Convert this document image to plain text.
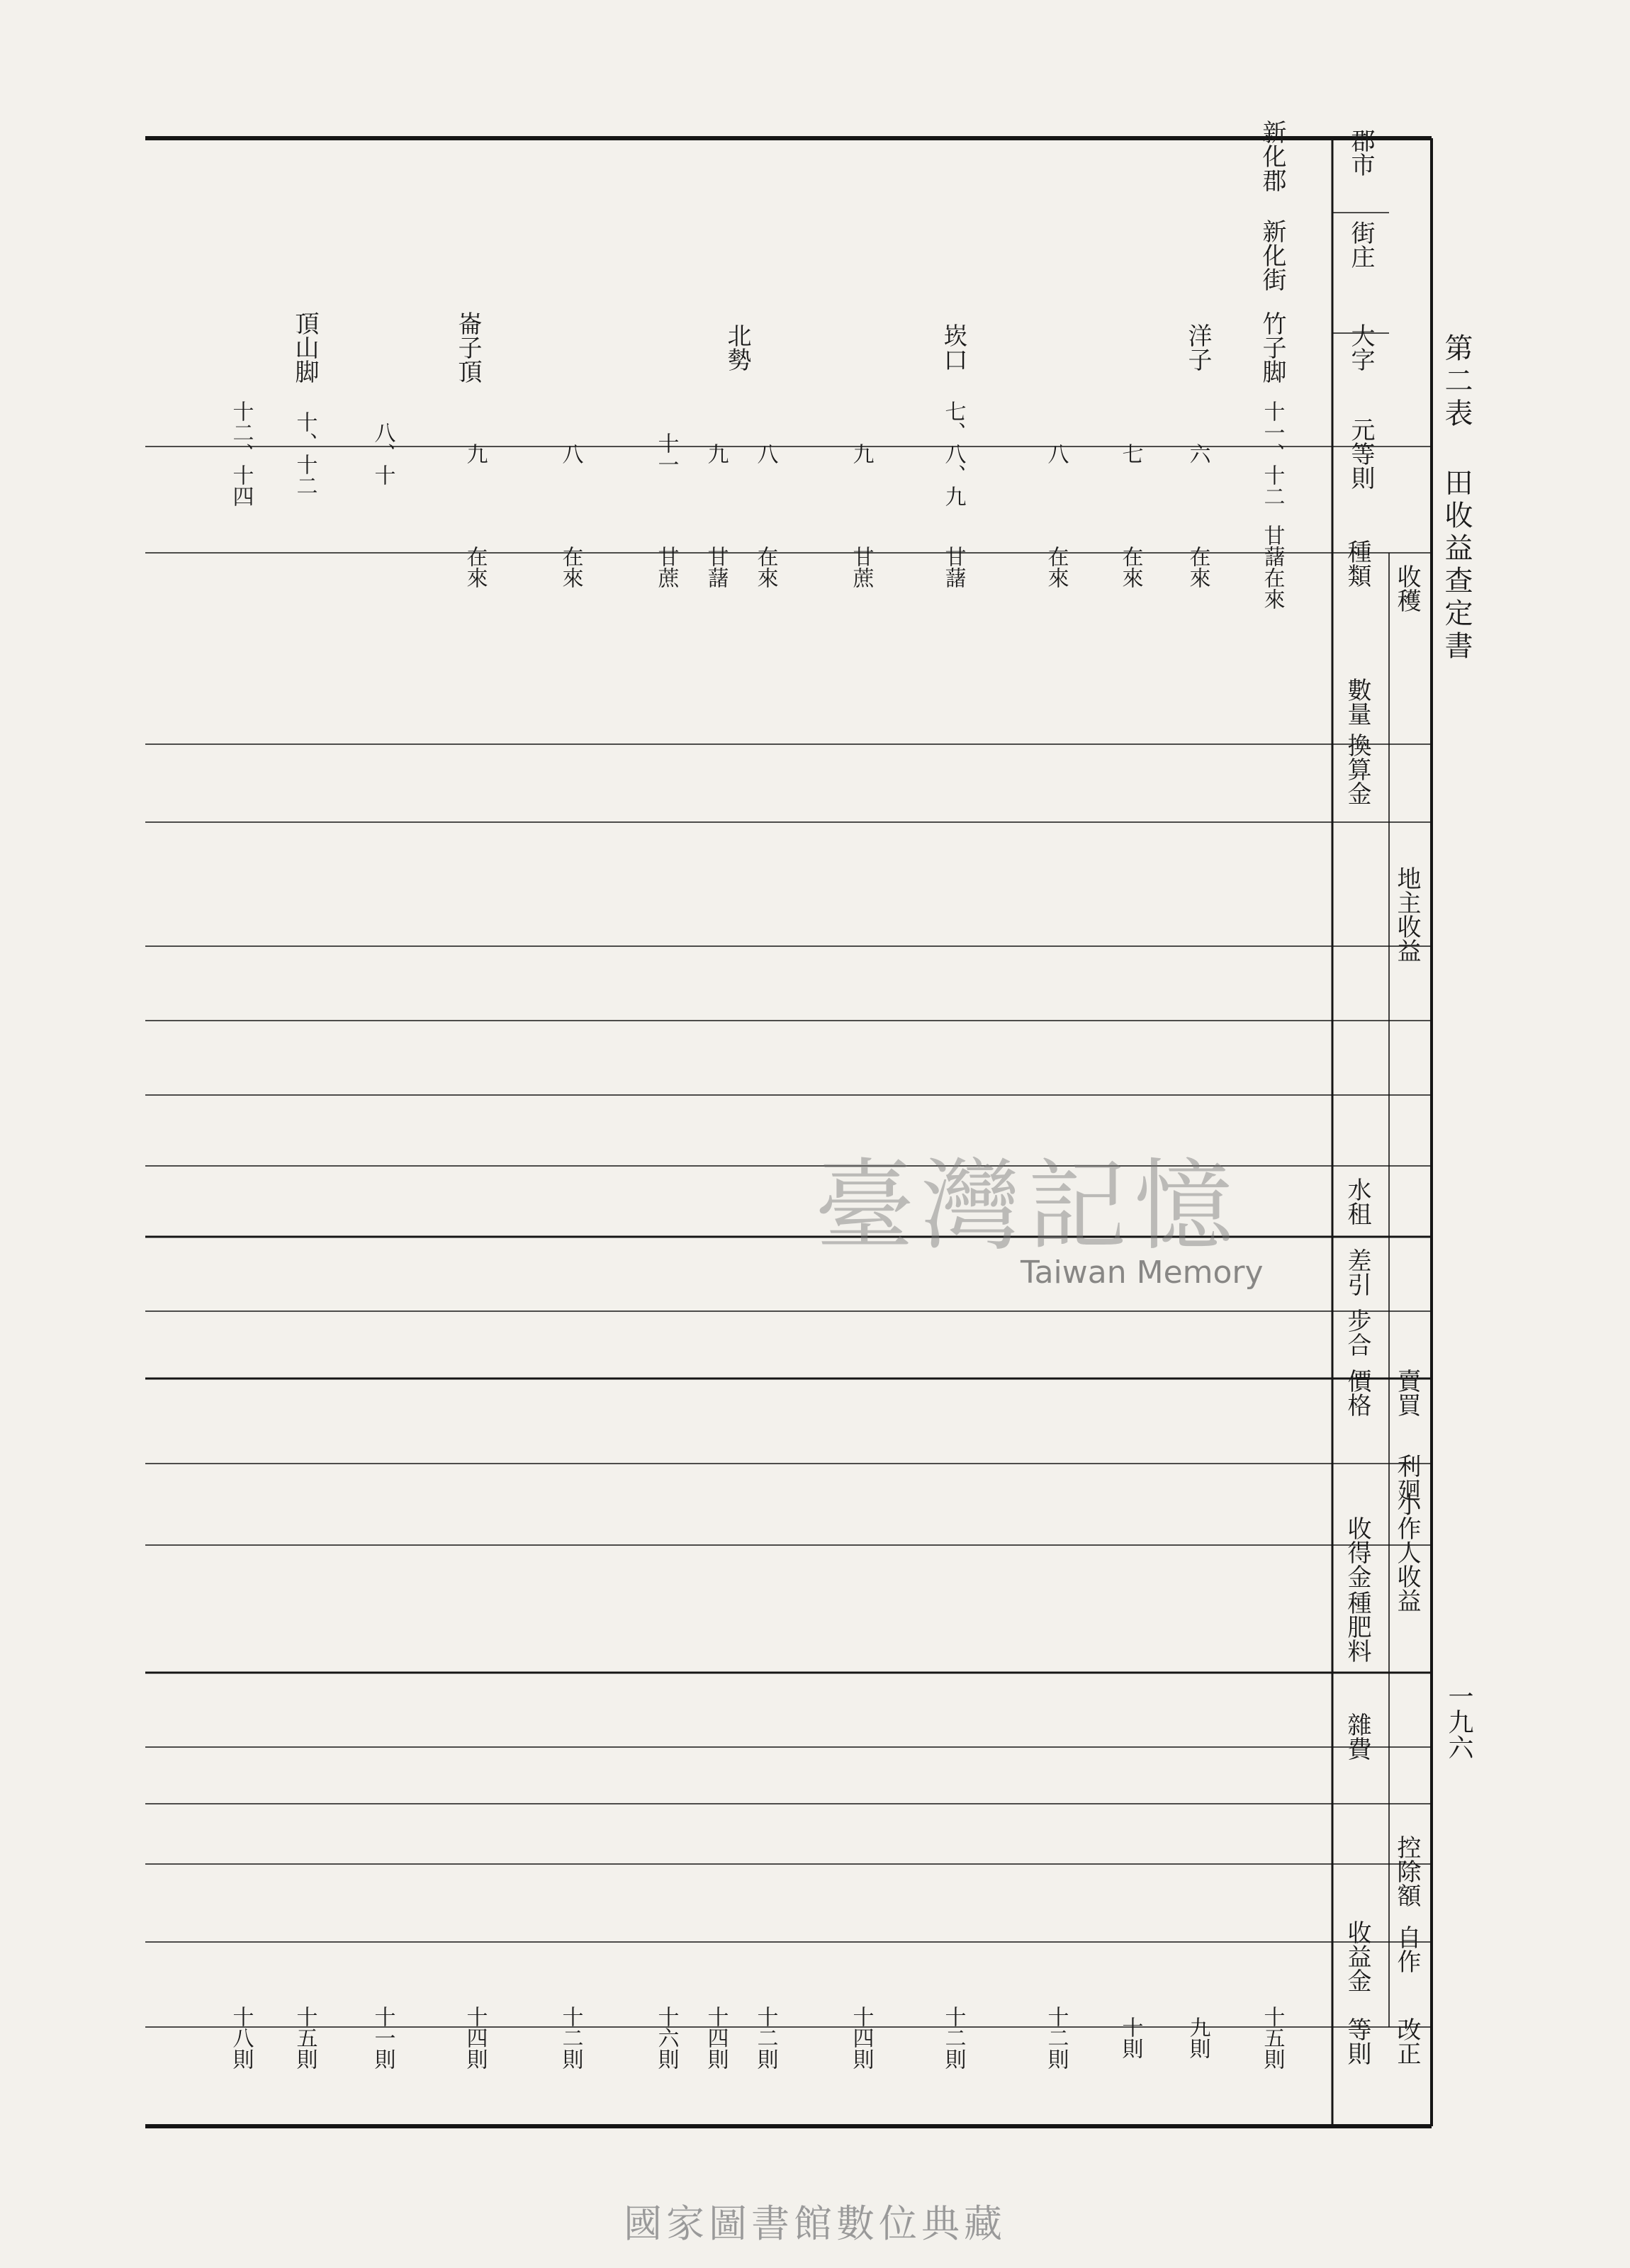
郡市
街庄
大字
元等則
種類
數量
換算金
收穫
地主收益
水租
差引
步合
價格 賣買
利廻
收得金
種肥料
雜費
小作人收益
控除額
自作
收益金
等則 改正
新化郡
新化街
竹子脚
洋子
崁口
北勢
崙子頂
頂山脚
十一、十二
六
七
八
七、八、九
九
八
九
十一
八
九
八、十
十、十二
十二、十四
甘藷在來
在來
在來
在來
甘藷
甘蔗
在來
甘藷
甘蔗
在來
在來
十五則
九則
十則
十二則
十二則
十四則
十二則
十四則
十六則
十二則
十四則
十一則
十五則
十八則
第二表 田收益查定書
一九六
臺灣記憶
Taiwan Memory
國家圖書館數位典藏
